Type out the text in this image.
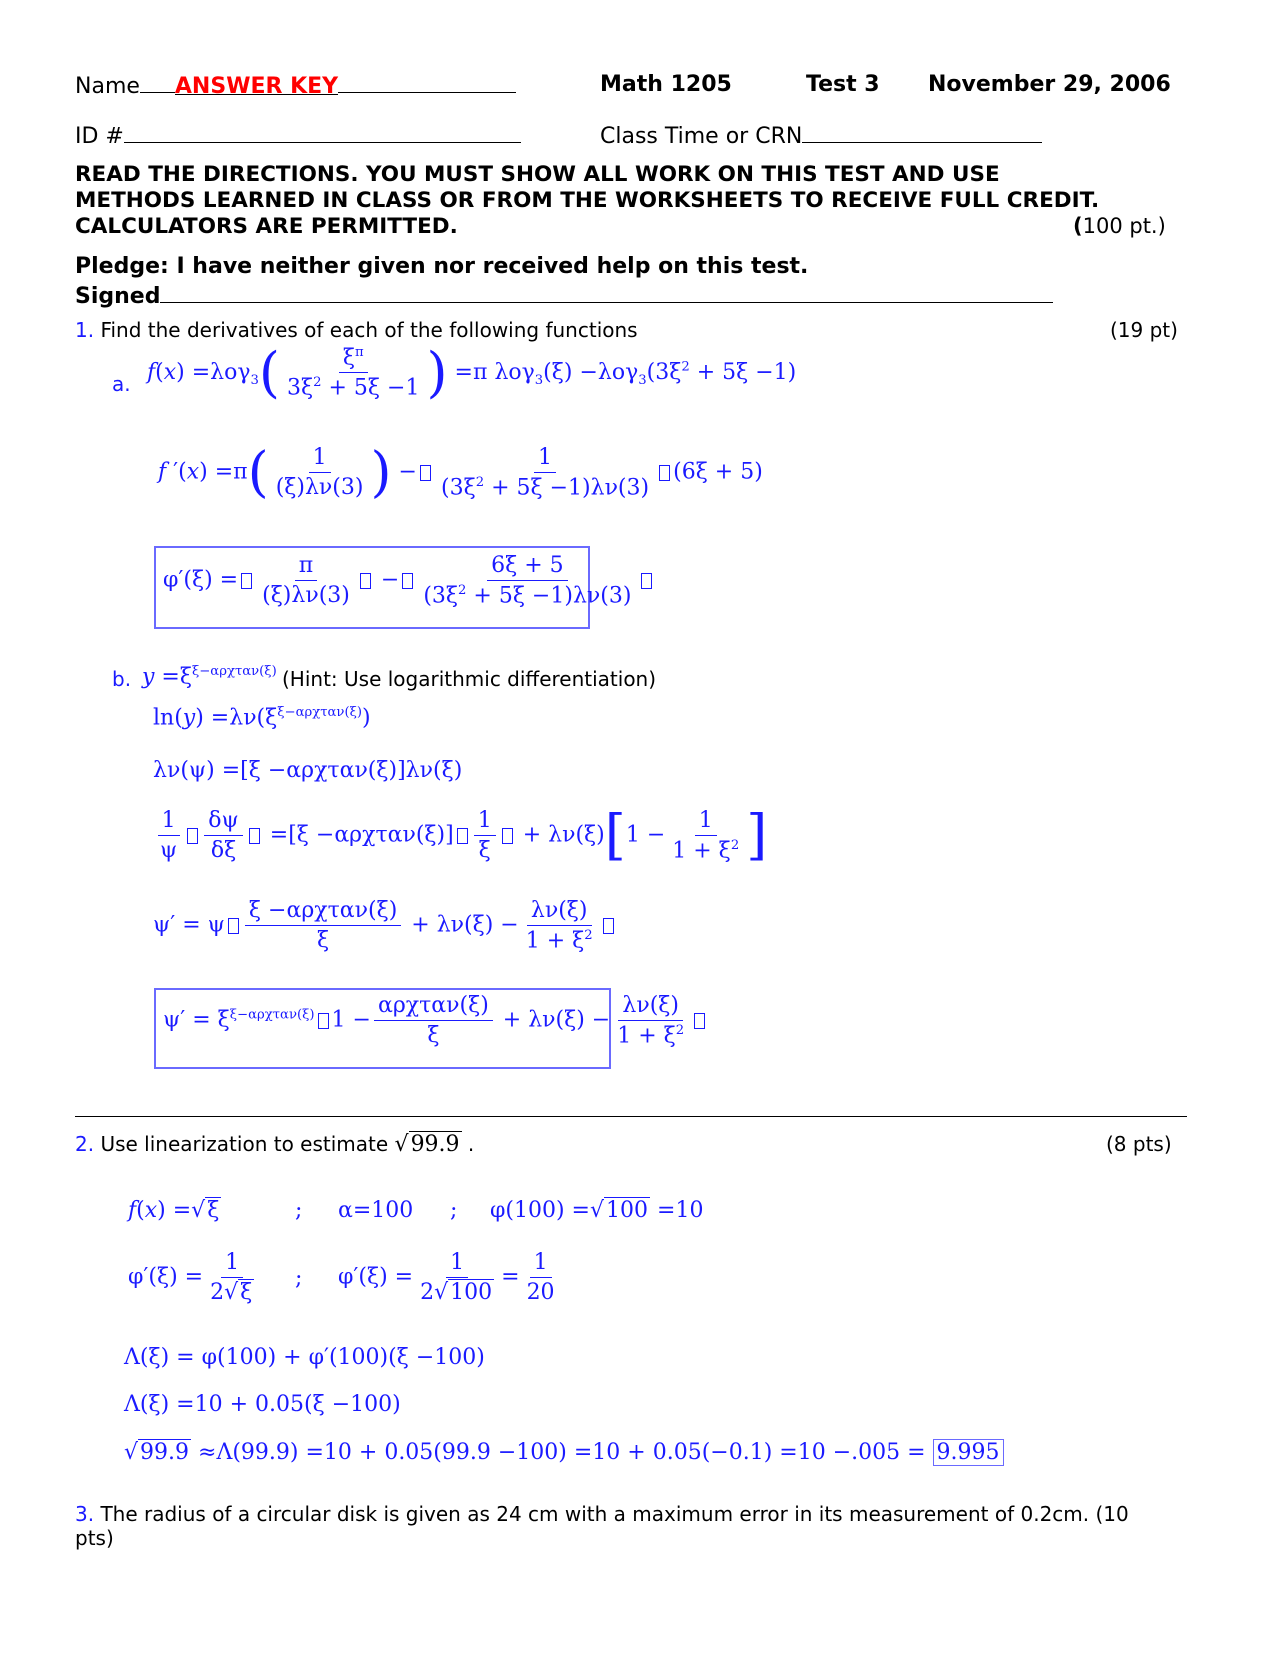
Name ANSWER KEY	Math 1205	Test 3 November 29, 2006
ID #	Class Time or CRN
READ THE DIRECTIONS. YOU MUST SHOW ALL WORK ON THIS TEST AND USE
METHODS LEARNED IN CLASS OR FROM THE WORKSHEETS TO RECEIVE FULL CREDIT.
CALCULATORS ARE PERMITTED.	(100 pt.)
Pledge: I have neither given nor received help on this test.
Signed
1. Find the derivatives of each of the following functions	(19 pt)
a. $f(x) =\lambda o\gamma_3( \frac{\xi^\pi}{3\xi^2 + 5\xi -1}$ ) =π $\lambda o\gamma_3(\xi) -\lambda o\gamma_3(3\xi^2 + 5\xi -1)$
f $'(x) =\pi( \frac{1}{(\xi)\lambda\nu(3)}$ ) − $\frac{1}{(3\xi^2 + 5\xi -1)\lambda\nu(3)} (6\xi + 5)$
$\varphi'(\xi) = \frac{\pi}{(\xi)\lambda\nu(3)} - \frac{6\xi + 5}{(3\xi^2 + 5\xi -1)\lambda\nu(3)}$
b. $y =\xi^{\xi-\alpha\rho\chi\tau\alpha\nu(\xi)}$ (Hint: Use logarithmic differentiation)
$\ln(y) =\lambda\nu(\xi^{\xi-\alpha\rho\chi\tau\alpha\nu(\xi)})$
λν(ψ) =[ξ −αρχταν(ξ)]λν(ξ)
$\frac{1}{\psi} \frac{\delta\psi}{\delta\xi} =[\xi -\alpha\rho\chi\tau\alpha\nu(\xi)] \frac{1}{\xi} + \lambda\nu(\xi)[1 - \frac{1}{1 + \xi^2}$ ]
ψ′ = ψ $\frac{\text{ξ −αρχταν(ξ)}}{\xi} + \lambda\nu(\xi) - \frac{\lambda\nu(\xi)}{1 + \xi^2}$
$\psi' = \xi^{\xi-\alpha\rho\chi\tau\alpha\nu(\xi)}$ $1 - \frac{\text{αρχταν(ξ)}}{\xi} + \lambda\nu(\xi) - \frac{\lambda\nu(\xi)}{1 + \xi^2}$
2. Use linearization to estimate √99.9 .	(8 pts)
f(x) =√ξ	; α=100 ; φ(100) =√100 =10
$\varphi'(\xi) = \frac{1}{2√\xi}$ ; $\varphi'(\xi) = \frac{1}{2√100} = \frac{1}{20}$
Λ(ξ) = φ(100) + φ′(100)(ξ −100)
Λ(ξ) =10 + 0.05(ξ −100)
√99.9 ≈Λ(99.9) =10 + 0.05(99.9 −100) =10 + 0.05(−0.1) =10 −.005 = 9.995
3. The radius of a circular disk is given as 24 cm with a maximum error in its measurement of 0.2cm. (10
pts)
